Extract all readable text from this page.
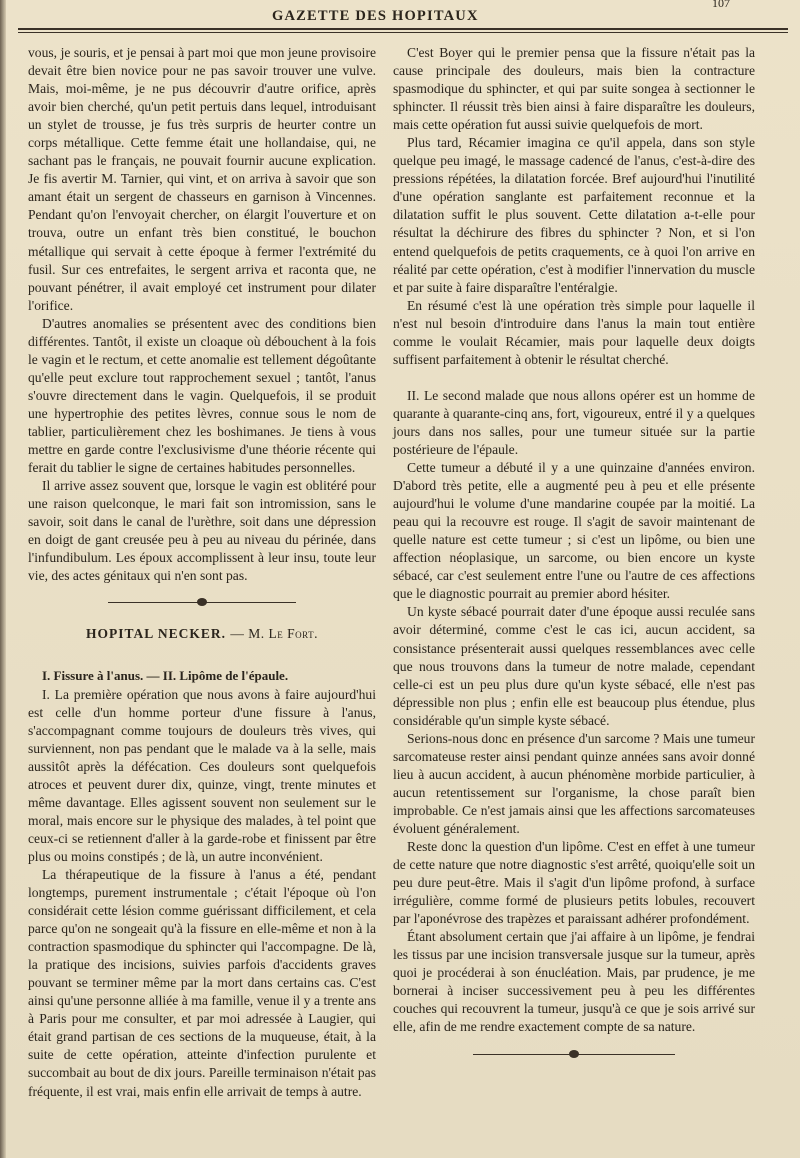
GAZETTE DES HOPITAUX
107

vous, je souris, et je pensai à part moi que mon jeune provisoire devait être bien novice pour ne pas savoir trouver une vulve. Mais, moi-même, je ne pus découvrir d'autre orifice, après avoir bien cherché, qu'un petit pertuis dans lequel, introduisant un stylet de trousse, je fus très surpris de heurter contre un corps métallique. Cette femme était une hollandaise, qui, ne sachant pas le français, ne pouvait fournir aucune explication. Je fis avertir M. Tarnier, qui vint, et on arriva à savoir que son amant était un sergent de chasseurs en garnison à Vincennes. Pendant qu'on l'envoyait chercher, on élargit l'ouverture et on trouva, outre un enfant très bien constitué, le bouchon métallique qui servait à cette époque à fermer l'extrémité du fusil. Sur ces entrefaites, le sergent arriva et raconta que, ne pouvant pénétrer, il avait employé cet instrument pour dilater l'orifice.

D'autres anomalies se présentent avec des conditions bien différentes. Tantôt, il existe un cloaque où débouchent à la fois le vagin et le rectum, et cette anomalie est tellement dégoûtante qu'elle peut exclure tout rapprochement sexuel ; tantôt, l'anus s'ouvre directement dans le vagin. Quelquefois, il se produit une hypertrophie des petites lèvres, connue sous le nom de tablier, particulièrement chez les boshimanes. Je tiens à vous mettre en garde contre l'exclusivisme d'une théorie récente qui ferait du tablier le signe de certaines habitudes personnelles.

Il arrive assez souvent que, lorsque le vagin est oblitéré pour une raison quelconque, le mari fait son intromission, sans le savoir, soit dans le canal de l'urèthre, soit dans une dépression en doigt de gant creusée peu à peu au niveau du périnée, dans l'infundibulum. Les époux accomplissent à leur insu, toute leur vie, des actes génitaux qui n'en sont pas.

HOPITAL NECKER. — M. Le Fort.

I. Fissure à l'anus. — II. Lipôme de l'épaule.

I. La première opération que nous avons à faire aujourd'hui est celle d'un homme porteur d'une fissure à l'anus, s'accompagnant comme toujours de douleurs très vives, qui surviennent, non pas pendant que le malade va à la selle, mais aussitôt après la défécation. Ces douleurs sont quelquefois atroces et peuvent durer dix, quinze, vingt, trente minutes et même davantage. Elles agissent souvent non seulement sur le moral, mais encore sur le physique des malades, à tel point que ceux-ci se retiennent d'aller à la garde-robe et finissent par être plus ou moins constipés ; de là, un autre inconvénient.

La thérapeutique de la fissure à l'anus a été, pendant longtemps, purement instrumentale ; c'était l'époque où l'on considérait cette lésion comme guérissant difficilement, et cela parce qu'on ne songeait qu'à la fissure en elle-même et non à la contraction spasmodique du sphincter qui l'accompagne. De là, la pratique des incisions, suivies parfois d'accidents graves pouvant se terminer même par la mort dans certains cas. C'est ainsi qu'une personne alliée à ma famille, venue il y a trente ans à Paris pour me consulter, et par moi adressée à Laugier, qui était grand partisan de ces sections de la muqueuse, était, à la suite de cette opération, atteinte d'infection purulente et succombait au bout de dix jours. Pareille terminaison n'était pas fréquente, il est vrai, mais enfin elle arrivait de temps à autre.

C'est Boyer qui le premier pensa que la fissure n'était pas la cause principale des douleurs, mais bien la contracture spasmodique du sphincter, et qui par suite songea à sectionner le sphincter. Il réussit très bien ainsi à faire disparaître les douleurs, mais cette opération fut aussi suivie quelquefois de mort.

Plus tard, Récamier imagina ce qu'il appela, dans son style quelque peu imagé, le massage cadencé de l'anus, c'est-à-dire des pressions répétées, la dilatation forcée. Bref aujourd'hui l'inutilité d'une opération sanglante est parfaitement reconnue et la dilatation suffit le plus souvent. Cette dilatation a-t-elle pour résultat la déchirure des fibres du sphincter ? Non, et si l'on entend quelquefois de petits craquements, ce à quoi l'on arrive en réalité par cette opération, c'est à modifier l'innervation du muscle et par suite à faire disparaître l'entéralgie.

En résumé c'est là une opération très simple pour laquelle il n'est nul besoin d'introduire dans l'anus la main tout entière comme le voulait Récamier, mais pour laquelle deux doigts suffisent parfaitement à obtenir le résultat cherché.

II. Le second malade que nous allons opérer est un homme de quarante à quarante-cinq ans, fort, vigoureux, entré il y a quelques jours dans nos salles, pour une tumeur située sur la partie postérieure de l'épaule.

Cette tumeur a débuté il y a une quinzaine d'années environ. D'abord très petite, elle a augmenté peu à peu et elle présente aujourd'hui le volume d'une mandarine coupée par la moitié. La peau qui la recouvre est rouge. Il s'agit de savoir maintenant de quelle nature est cette tumeur ; si c'est un lipôme, ou bien une affection néoplasique, un sarcome, ou bien encore un kyste sébacé, car c'est seulement entre l'une ou l'autre de ces affections que le diagnostic pourrait au premier abord hésiter.

Un kyste sébacé pourrait dater d'une époque aussi reculée sans avoir déterminé, comme c'est le cas ici, aucun accident, sa consistance présenterait aussi quelques ressemblances avec celle que nous trouvons dans la tumeur de notre malade, cependant celle-ci est un peu plus dure qu'un kyste sébacé, elle n'est pas dépressible non plus ; enfin elle est beaucoup plus étendue, plus considérable qu'un simple kyste sébacé.

Serions-nous donc en présence d'un sarcome ? Mais une tumeur sarcomateuse rester ainsi pendant quinze années sans avoir donné lieu à aucun accident, à aucun phénomène morbide particulier, à aucun retentissement sur l'organisme, la chose paraît bien improbable. Ce n'est jamais ainsi que les affections sarcomateuses évoluent généralement.

Reste donc la question d'un lipôme. C'est en effet à une tumeur de cette nature que notre diagnostic s'est arrêté, quoiqu'elle soit un peu dure peut-être. Mais il s'agit d'un lipôme profond, à surface irrégulière, comme formé de plusieurs petits lobules, recouvert par l'aponévrose des trapèzes et paraissant adhérer profondément.

Étant absolument certain que j'ai affaire à un lipôme, je fendrai les tissus par une incision transversale jusque sur la tumeur, après quoi je procéderai à son énucléation. Mais, par prudence, je me bornerai à inciser successivement peu à peu les différentes couches qui recouvrent la tumeur, jusqu'à ce que je sois arrivé sur elle, afin de me rendre exactement compte de sa nature.
